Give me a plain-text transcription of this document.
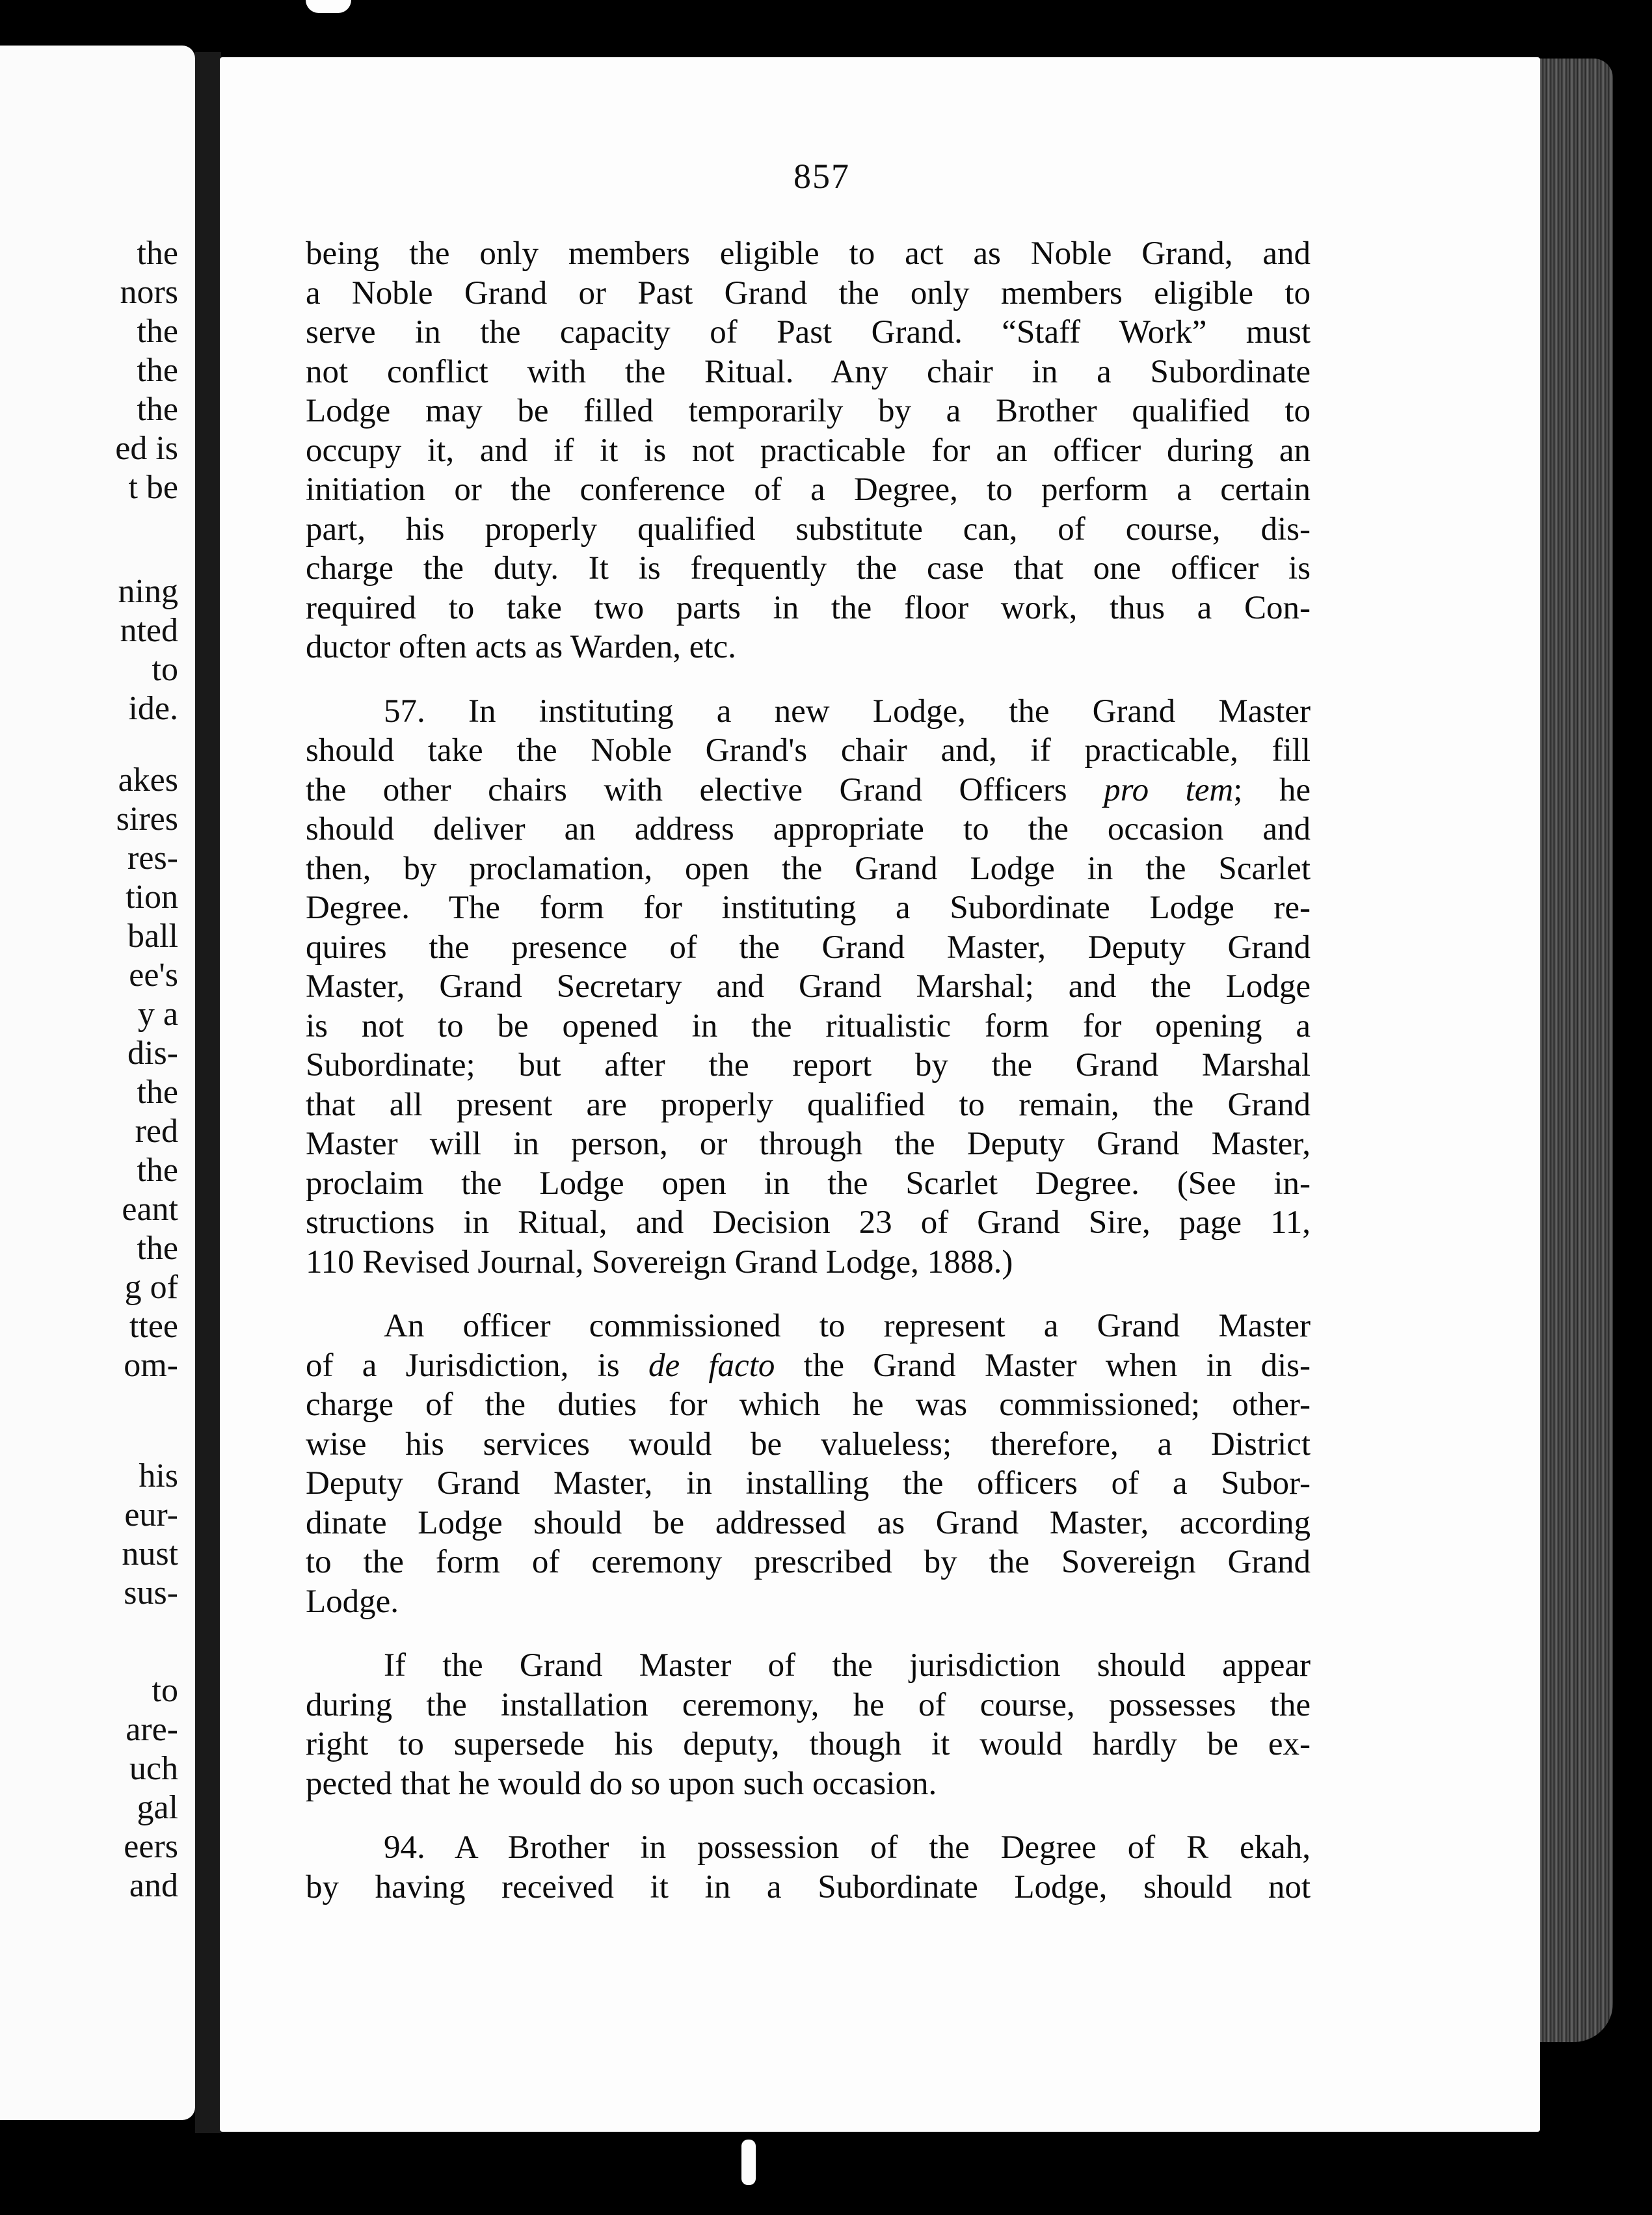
the
nors
the
the
the
ed is
t be
ning
nted
to
ide.
akes
sires
res-
tion
ball
ee's
y a
dis-
the
red
the
eant
the
g of
ttee
om-
his
eur-
nust
sus-
to
are-
uch
gal
eers
and
857

being the only members eligible to act as Noble Grand, and
a Noble Grand or Past Grand the only members eligible to
serve in the capacity of Past Grand. “Staff Work” must
not conflict with the Ritual. Any chair in a Subordinate
Lodge may be filled temporarily by a Brother qualified to
occupy it, and if it is not practicable for an officer during an
initiation or the conference of a Degree, to perform a certain
part, his properly qualified substitute can, of course, dis-
charge the duty. It is frequently the case that one officer is
required to take two parts in the floor work, thus a Con-
ductor often acts as Warden, etc.

57. In instituting a new Lodge, the Grand Master
should take the Noble Grand's chair and, if practicable, fill
the other chairs with elective Grand Officers pro tem; he
should deliver an address appropriate to the occasion and
then, by proclamation, open the Grand Lodge in the Scarlet
Degree. The form for instituting a Subordinate Lodge re-
quires the presence of the Grand Master, Deputy Grand
Master, Grand Secretary and Grand Marshal; and the Lodge
is not to be opened in the ritualistic form for opening a
Subordinate; but after the report by the Grand Marshal
that all present are properly qualified to remain, the Grand
Master will in person, or through the Deputy Grand Master,
proclaim the Lodge open in the Scarlet Degree. (See in-
structions in Ritual, and Decision 23 of Grand Sire, page 11,
110 Revised Journal, Sovereign Grand Lodge, 1888.)

An officer commissioned to represent a Grand Master
of a Jurisdiction, is de facto the Grand Master when in dis-
charge of the duties for which he was commissioned; other-
wise his services would be valueless; therefore, a District
Deputy Grand Master, in installing the officers of a Subor-
dinate Lodge should be addressed as Grand Master, according
to the form of ceremony prescribed by the Sovereign Grand
Lodge.

If the Grand Master of the jurisdiction should appear
during the installation ceremony, he of course, possesses the
right to supersede his deputy, though it would hardly be ex-
pected that he would do so upon such occasion.

94. A Brother in possession of the Degree of R ekah,
by having received it in a Subordinate Lodge, should not
